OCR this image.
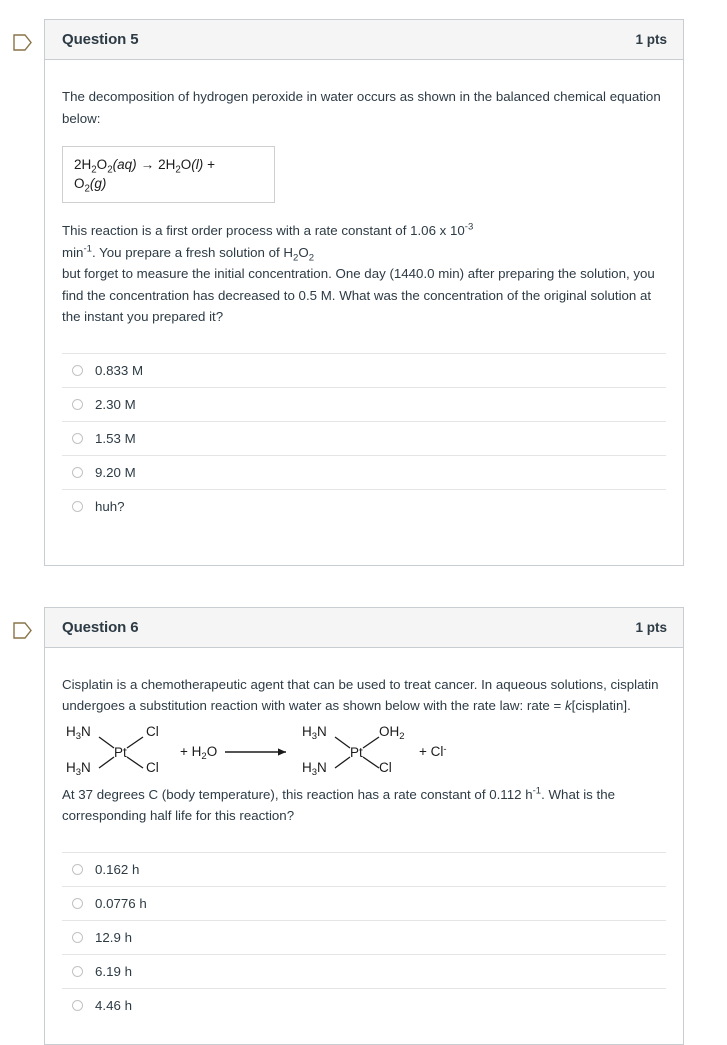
Question 5	1 pts
The decomposition of hydrogen peroxide in water occurs as shown in the balanced chemical equation below:
$2H_2O_2(aq) \to 2H_2O(l)$ +
$O_2(g)$
This reaction is a first order process with a rate constant of 1.06 x $10^{-3}$
$\min^{-1}$. You prepare a fresh solution of $H_2O_2$
but forget to measure the initial concentration. One day (1440.0 min) after preparing the solution, you find the concentration has decreased to 0.5 M. What was the concentration of the original solution at the instant you prepared it?
0.833 M
2.30 M
1.53 M
9.20 M
huh?
Question 6	1 pts
Cisplatin is a chemotherapeutic agent that can be used to treat cancer. In aqueous solutions, cisplatin undergoes a substitution reaction with water as shown below with the rate law: rate = k[cisplatin].
$H_3N$
$H_3N$
Pt
Cl
Cl
+ $H_2O$
$H_3N$
$H_3N$
Pt
$OH_2$
Cl
+ Cl-
At 37 degrees C (body temperature), this reaction has a rate constant of 0.112 $h^{-1}$. What is the corresponding half life for this reaction?
0.162 h
0.0776 h
12.9 h
6.19 h
4.46 h
